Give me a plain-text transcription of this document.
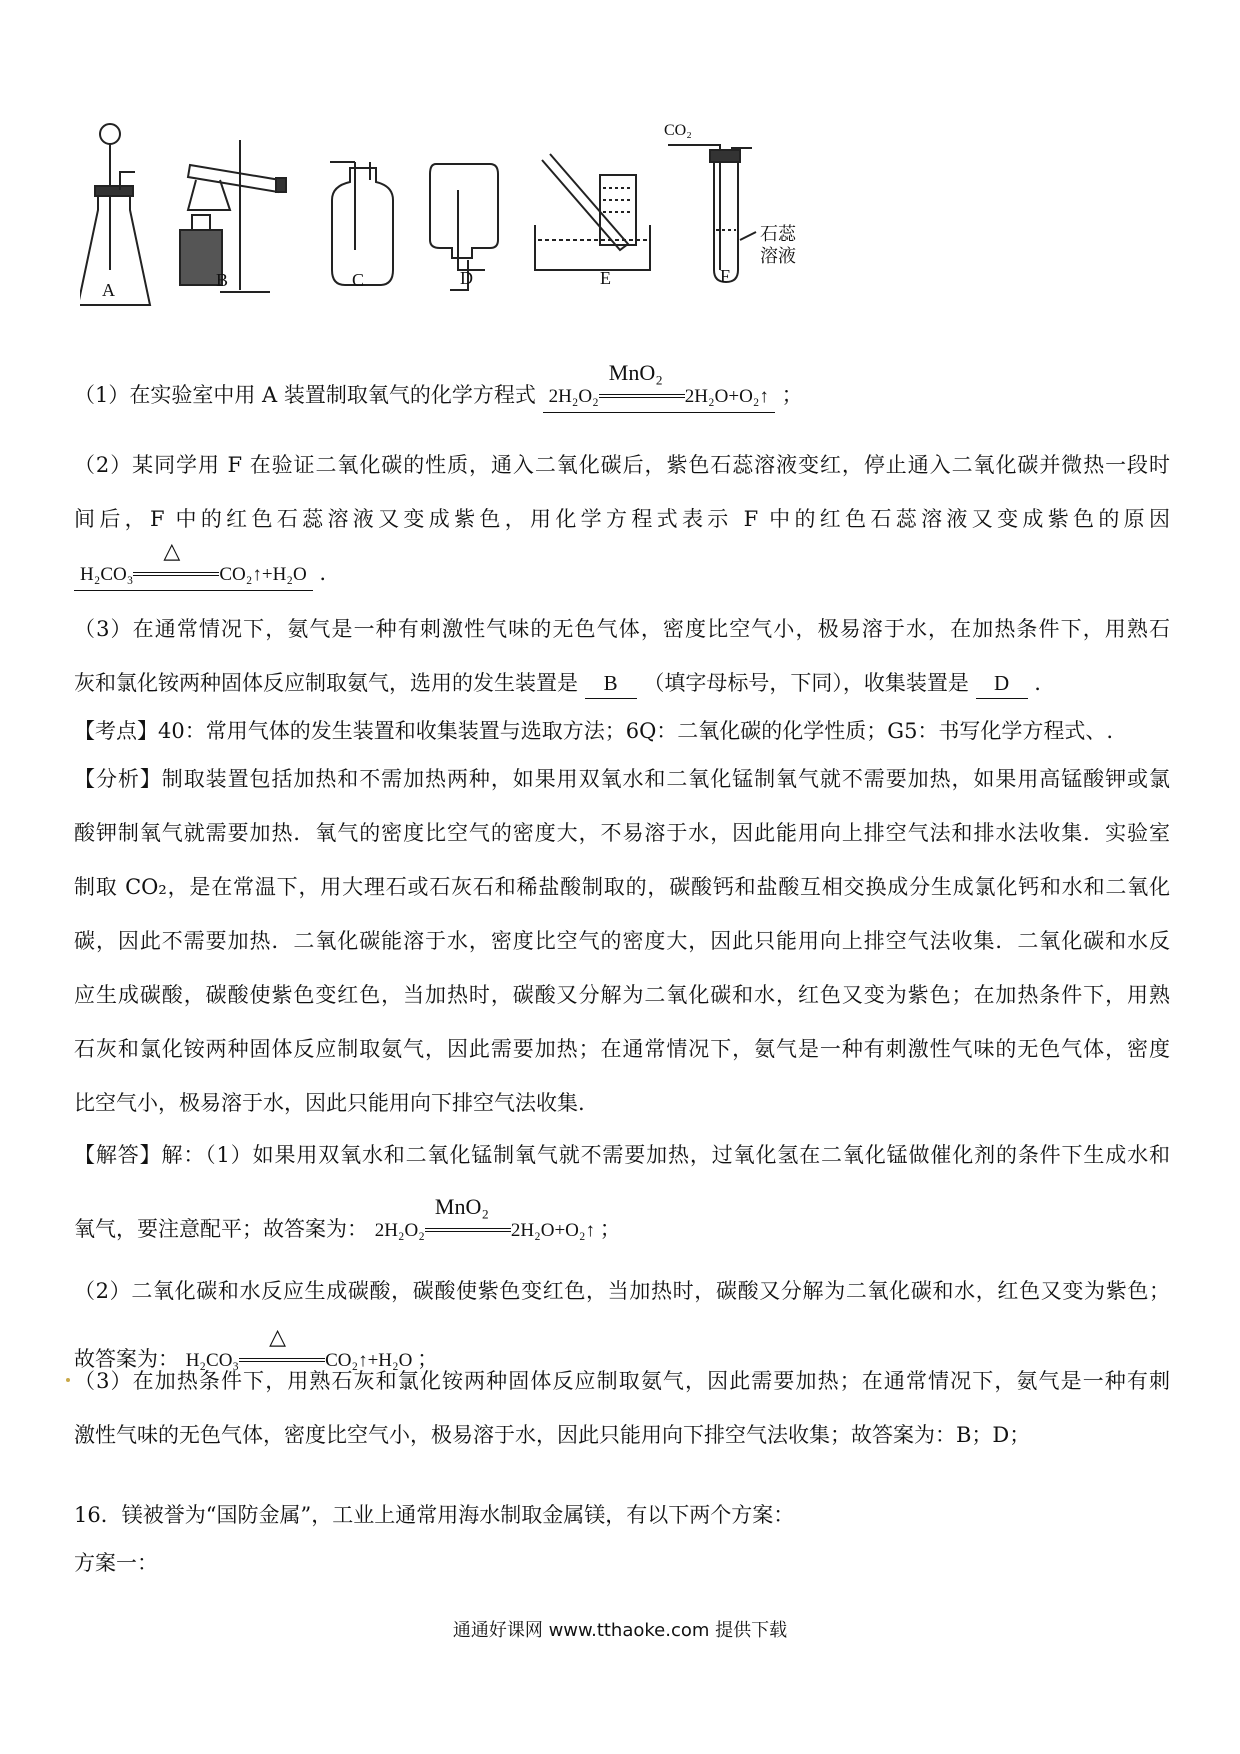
A	B	C	D	E	F
CO₂
石蕊
溶液
（1）在实验室中用 A 装置制取氧气的化学方程式 2H₂O₂
MnO₂
2H₂O+O₂↑ ；
（2）某同学用 F 在验证二氧化碳的性质，通入二氧化碳后，紫色石蕊溶液变红，停止通入二氧化碳并微热一段时
间后，F 中的红色石蕊溶液又变成紫色，用化学方程式表示 F 中的红色石蕊溶液又变成紫色的原因
H₂CO₃
△
CO₂↑+H₂O .
（3）在通常情况下，氨气是一种有刺激性气味的无色气体，密度比空气小，极易溶于水，在加热条件下，用熟石
灰和氯化铵两种固体反应制取氨气，选用的发生装置是 B （填字母标号，下同），收集装置是 D .
【考点】40：常用气体的发生装置和收集装置与选取方法；6Q：二氧化碳的化学性质；G5：书写化学方程式、.
【分析】制取装置包括加热和不需加热两种，如果用双氧水和二氧化锰制氧气就不需要加热，如果用高锰酸钾或氯
酸钾制氧气就需要加热．氧气的密度比空气的密度大，不易溶于水，因此能用向上排空气法和排水法收集．实验室
制取 CO₂，是在常温下，用大理石或石灰石和稀盐酸制取的，碳酸钙和盐酸互相交换成分生成氯化钙和水和二氧化
碳，因此不需要加热．二氧化碳能溶于水，密度比空气的密度大，因此只能用向上排空气法收集．二氧化碳和水反
应生成碳酸，碳酸使紫色变红色，当加热时，碳酸又分解为二氧化碳和水，红色又变为紫色；在加热条件下，用熟
石灰和氯化铵两种固体反应制取氨气，因此需要加热；在通常情况下，氨气是一种有刺激性气味的无色气体，密度
比空气小，极易溶于水，因此只能用向下排空气法收集.
【解答】解：（1）如果用双氧水和二氧化锰制氧气就不需要加热，过氧化氢在二氧化锰做催化剂的条件下生成水和
氧气，要注意配平；故答案为： 2H₂O₂
MnO₂
2H₂O+O₂↑ ；
（2）二氧化碳和水反应生成碳酸，碳酸使紫色变红色，当加热时，碳酸又分解为二氧化碳和水，红色又变为紫色；
故答案为： H₂CO₃
△
CO₂↑+H₂O ；
（3）在加热条件下，用熟石灰和氯化铵两种固体反应制取氨气，因此需要加热；在通常情况下，氨气是一种有刺
激性气味的无色气体，密度比空气小，极易溶于水，因此只能用向下排空气法收集；故答案为：B；D；
16．镁被誉为“国防金属”，工业上通常用海水制取金属镁，有以下两个方案：
方案一：
通通好课网 www.tthaoke.com 提供下载
